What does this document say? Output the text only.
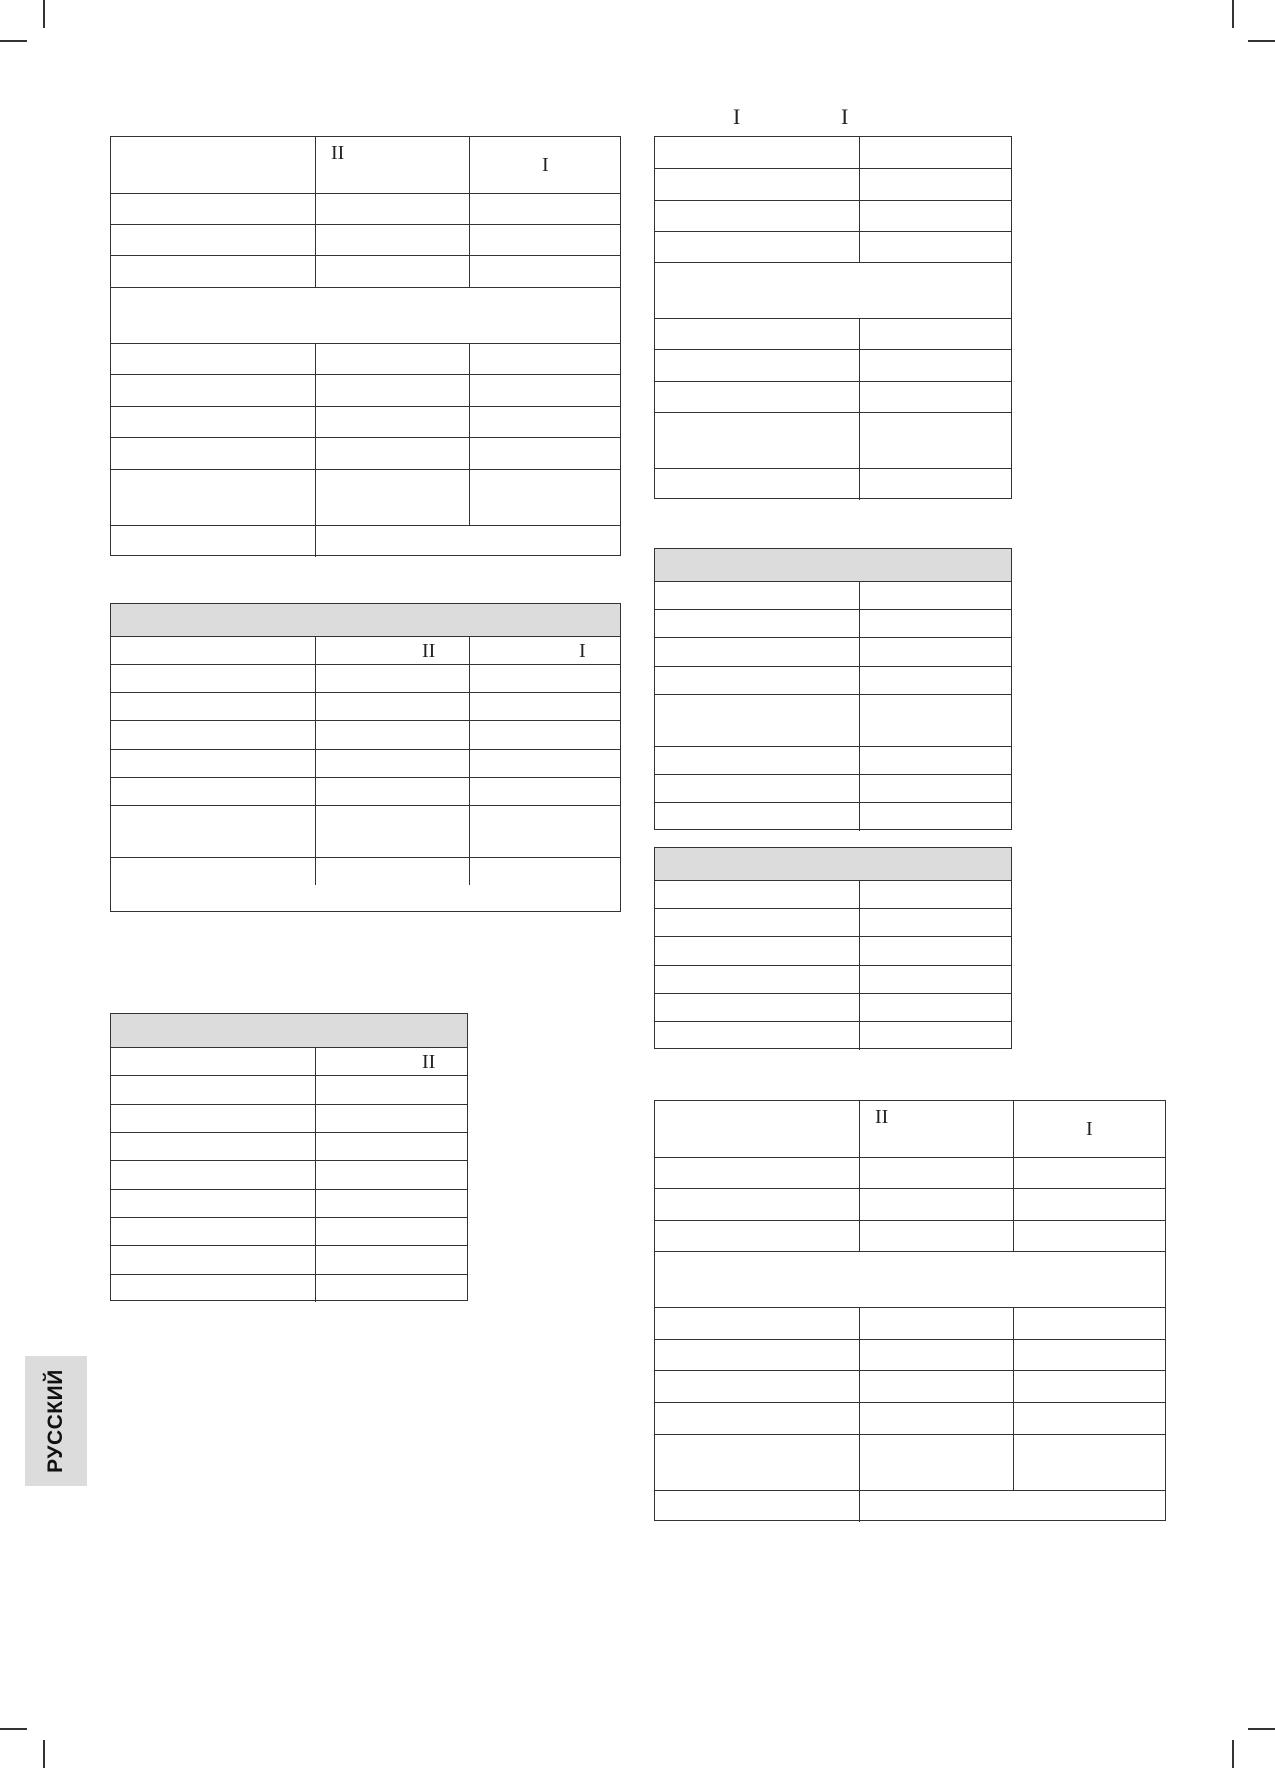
I	I
II
I
II	I
II
РУССКИЙ
II
I
